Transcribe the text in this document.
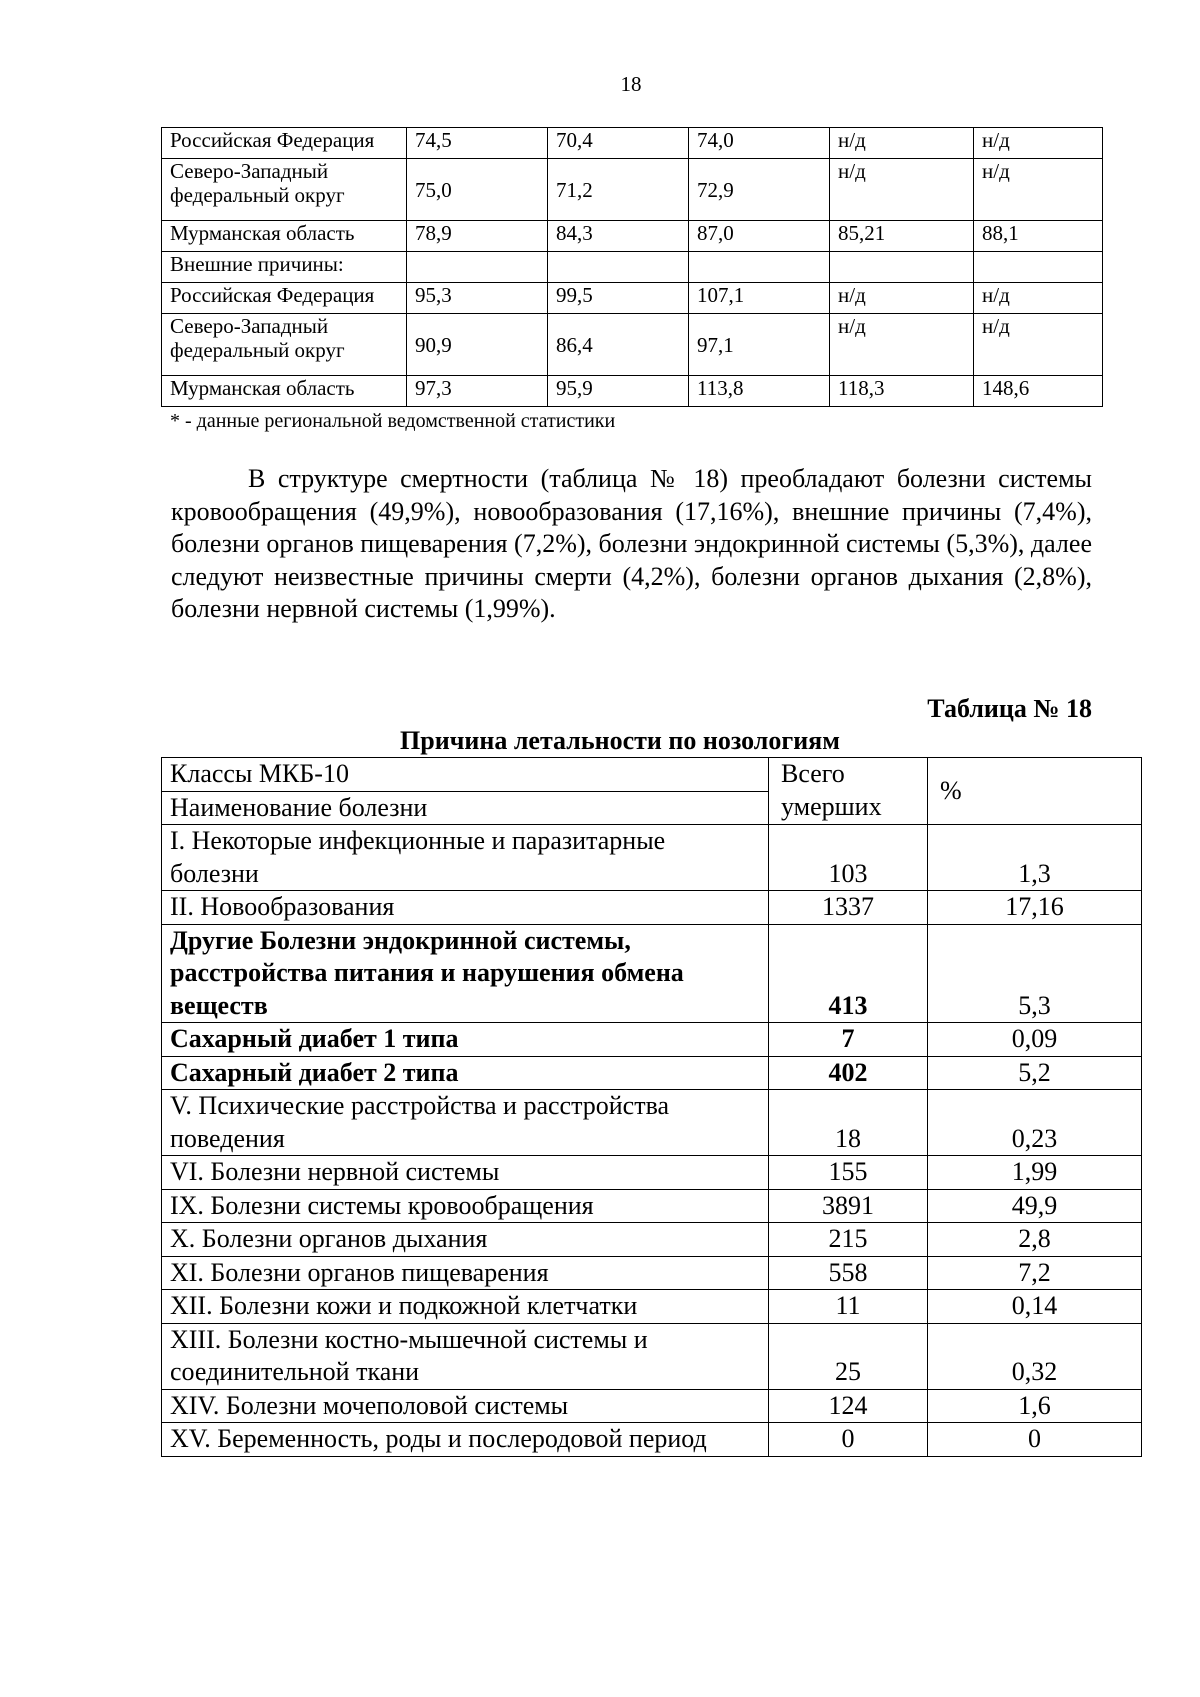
18
Российская Федерация	74,5	70,4	74,0	н/д	н/д
Северо-Западный федеральный округ	75,0	71,2	72,9	н/д	н/д
Мурманская область	78,9	84,3	87,0	85,21	88,1
Внешние причины:					
Российская Федерация	95,3	99,5	107,1	н/д	н/д
Северо-Западный федеральный округ	90,9	86,4	97,1	н/д	н/д
Мурманская область	97,3	95,9	113,8	118,3	148,6
* - данные региональной ведомственной статистики

В структуре смертности (таблица № 18) преобладают болезни системы кровообращения (49,9%), новообразования (17,16%), внешние причины (7,4%), болезни органов пищеварения (7,2%), болезни эндокринной системы (5,3%), далее следуют неизвестные причины смерти (4,2%), болезни органов дыхания (2,8%), болезни нервной системы (1,99%).

Таблица № 18
Причина летальности по нозологиям
Классы МКБ-10	Всего умерших	%
Наименование болезни		
I. Некоторые инфекционные и паразитарные болезни	103	1,3
II. Новообразования	1337	17,16
Другие Болезни эндокринной системы, расстройства питания и нарушения обмена веществ	413	5,3
Сахарный диабет 1 типа	7	0,09
Сахарный диабет 2 типа	402	5,2
V. Психические расстройства и расстройства поведения	18	0,23
VI. Болезни нервной системы	155	1,99
IX. Болезни системы кровообращения	3891	49,9
X. Болезни органов дыхания	215	2,8
XI. Болезни органов пищеварения	558	7,2
XII. Болезни кожи и подкожной клетчатки	11	0,14
XIII. Болезни костно-мышечной системы и соединительной ткани	25	0,32
XIV. Болезни мочеполовой системы	124	1,6
XV. Беременность, роды и послеродовой период	0	0
